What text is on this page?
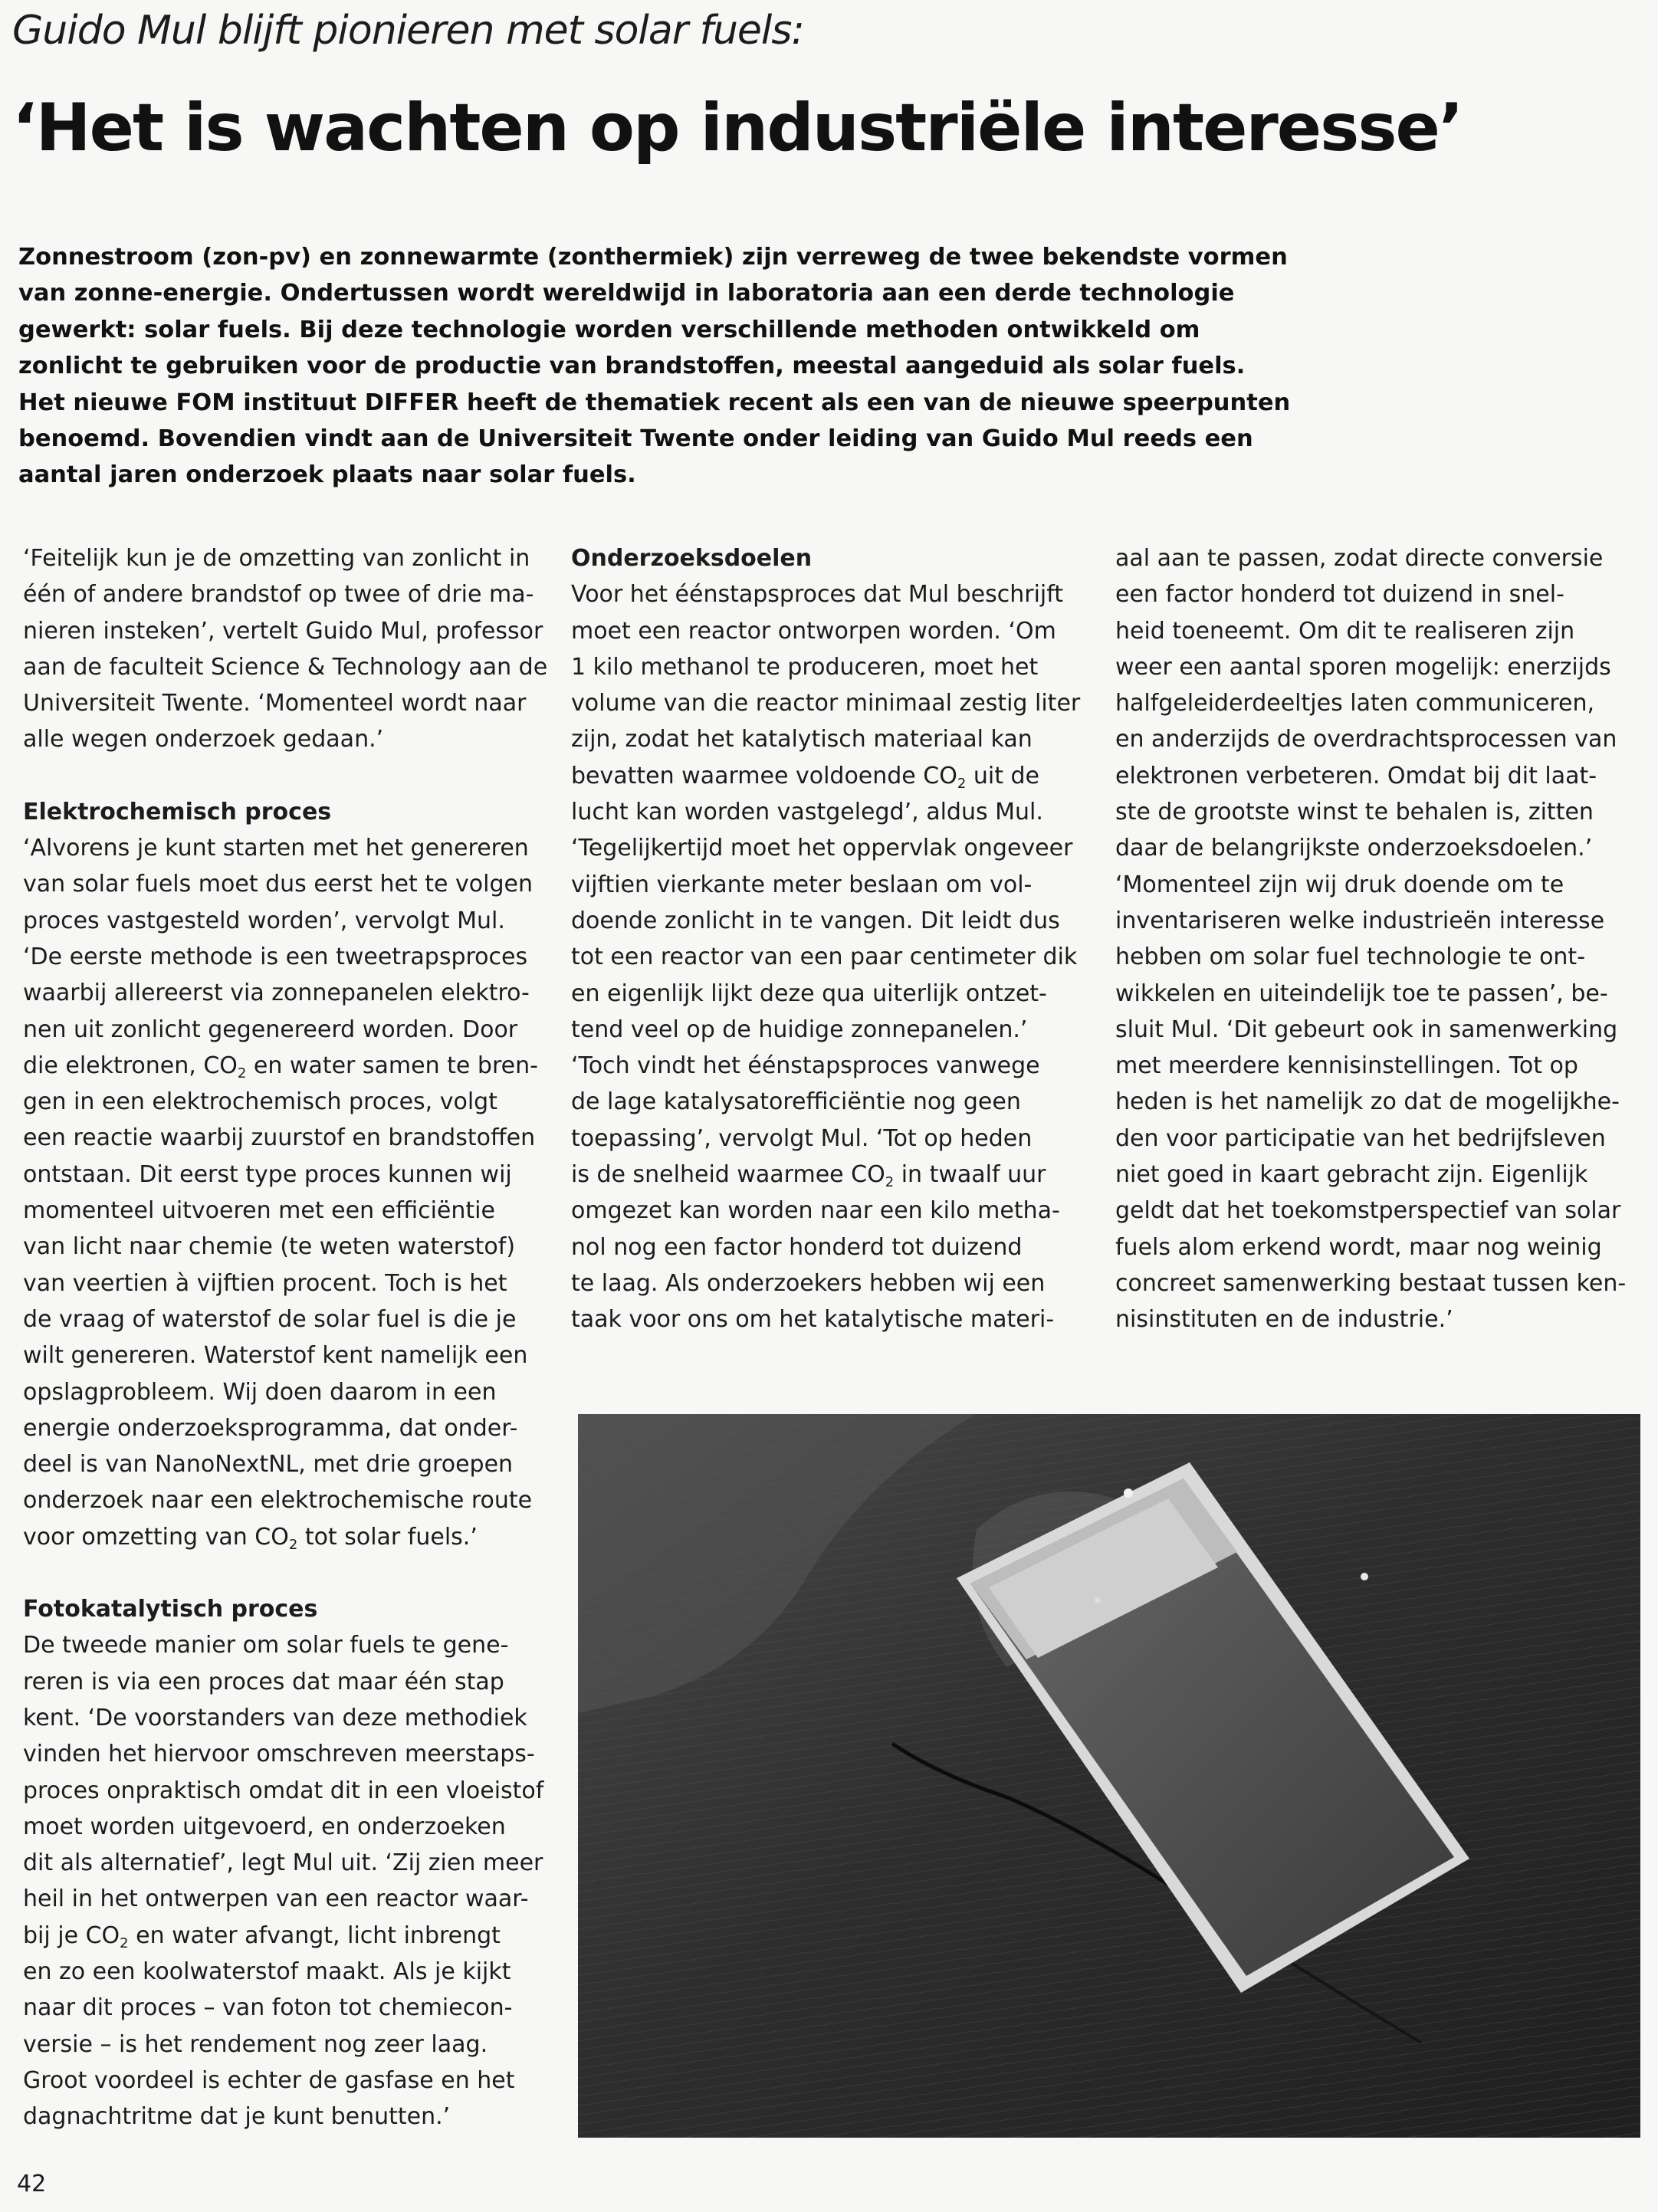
Guido Mul blijft pionieren met solar fuels:
‘Het is wachten op industriële interesse’
Zonnestroom (zon-pv) en zonnewarmte (zonthermiek) zijn verreweg de twee bekendste vormen
van zonne-energie. Ondertussen wordt wereldwijd in laboratoria aan een derde technologie
gewerkt: solar fuels. Bij deze technologie worden verschillende methoden ontwikkeld om
zonlicht te gebruiken voor de productie van brandstoffen, meestal aangeduid als solar fuels.
Het nieuwe FOM instituut DIFFER heeft de thematiek recent als een van de nieuwe speerpunten
benoemd. Bovendien vindt aan de Universiteit Twente onder leiding van Guido Mul reeds een
aantal jaren onderzoek plaats naar solar fuels.
‘Feitelijk kun je de omzetting van zonlicht in
één of andere brandstof op twee of drie ma-
nieren insteken’, vertelt Guido Mul, professor
aan de faculteit Science & Technology aan de
Universiteit Twente. ‘Momenteel wordt naar
alle wegen onderzoek gedaan.’
Elektrochemisch proces
‘Alvorens je kunt starten met het genereren
van solar fuels moet dus eerst het te volgen
proces vastgesteld worden’, vervolgt Mul.
‘De eerste methode is een tweetrapsproces
waarbij allereerst via zonnepanelen elektro-
nen uit zonlicht gegenereerd worden. Door
die elektronen, $CO_2$ en water samen te bren-
gen in een elektrochemisch proces, volgt
een reactie waarbij zuurstof en brandstoffen
ontstaan. Dit eerst type proces kunnen wij
momenteel uitvoeren met een efficiëntie
van licht naar chemie (te weten waterstof)
van veertien à vijftien procent. Toch is het
de vraag of waterstof de solar fuel is die je
wilt genereren. Waterstof kent namelijk een
opslagprobleem. Wij doen daarom in een
energie onderzoeksprogramma, dat onder-
deel is van NanoNextNL, met drie groepen
onderzoek naar een elektrochemische route
voor omzetting van $CO_2$ tot solar fuels.’
Fotokatalytisch proces
De tweede manier om solar fuels te gene-
reren is via een proces dat maar één stap
kent. ‘De voorstanders van deze methodiek
vinden het hiervoor omschreven meerstaps-
proces onpraktisch omdat dit in een vloeistof
moet worden uitgevoerd, en onderzoeken
dit als alternatief’, legt Mul uit. ‘Zij zien meer
heil in het ontwerpen van een reactor waar-
bij je $CO_2$ en water afvangt, licht inbrengt
en zo een koolwaterstof maakt. Als je kijkt
naar dit proces – van foton tot chemiecon-
versie – is het rendement nog zeer laag.
Groot voordeel is echter de gasfase en het
dagnachtritme dat je kunt benutten.’
Onderzoeksdoelen
Voor het éénstapsproces dat Mul beschrijft
moet een reactor ontworpen worden. ‘Om
1 kilo methanol te produceren, moet het
volume van die reactor minimaal zestig liter
zijn, zodat het katalytisch materiaal kan
bevatten waarmee voldoende $CO_2$ uit de
lucht kan worden vastgelegd’, aldus Mul.
‘Tegelijkertijd moet het oppervlak ongeveer
vijftien vierkante meter beslaan om vol-
doende zonlicht in te vangen. Dit leidt dus
tot een reactor van een paar centimeter dik
en eigenlijk lijkt deze qua uiterlijk ontzet-
tend veel op de huidige zonnepanelen.’
‘Toch vindt het éénstapsproces vanwege
de lage katalysatorefficiëntie nog geen
toepassing’, vervolgt Mul. ‘Tot op heden
is de snelheid waarmee $CO_2$ in twaalf uur
omgezet kan worden naar een kilo metha-
nol nog een factor honderd tot duizend
te laag. Als onderzoekers hebben wij een
taak voor ons om het katalytische materi-
aal aan te passen, zodat directe conversie
een factor honderd tot duizend in snel-
heid toeneemt. Om dit te realiseren zijn
weer een aantal sporen mogelijk: enerzijds
halfgeleiderdeeltjes laten communiceren,
en anderzijds de overdrachtsprocessen van
elektronen verbeteren. Omdat bij dit laat-
ste de grootste winst te behalen is, zitten
daar de belangrijkste onderzoeksdoelen.’
‘Momenteel zijn wij druk doende om te
inventariseren welke industrieën interesse
hebben om solar fuel technologie te ont-
wikkelen en uiteindelijk toe te passen’, be-
sluit Mul. ‘Dit gebeurt ook in samenwerking
met meerdere kennisinstellingen. Tot op
heden is het namelijk zo dat de mogelijkhe-
den voor participatie van het bedrijfsleven
niet goed in kaart gebracht zijn. Eigenlijk
geldt dat het toekomstperspectief van solar
fuels alom erkend wordt, maar nog weinig
concreet samenwerking bestaat tussen ken-
nisinstituten en de industrie.’
42
